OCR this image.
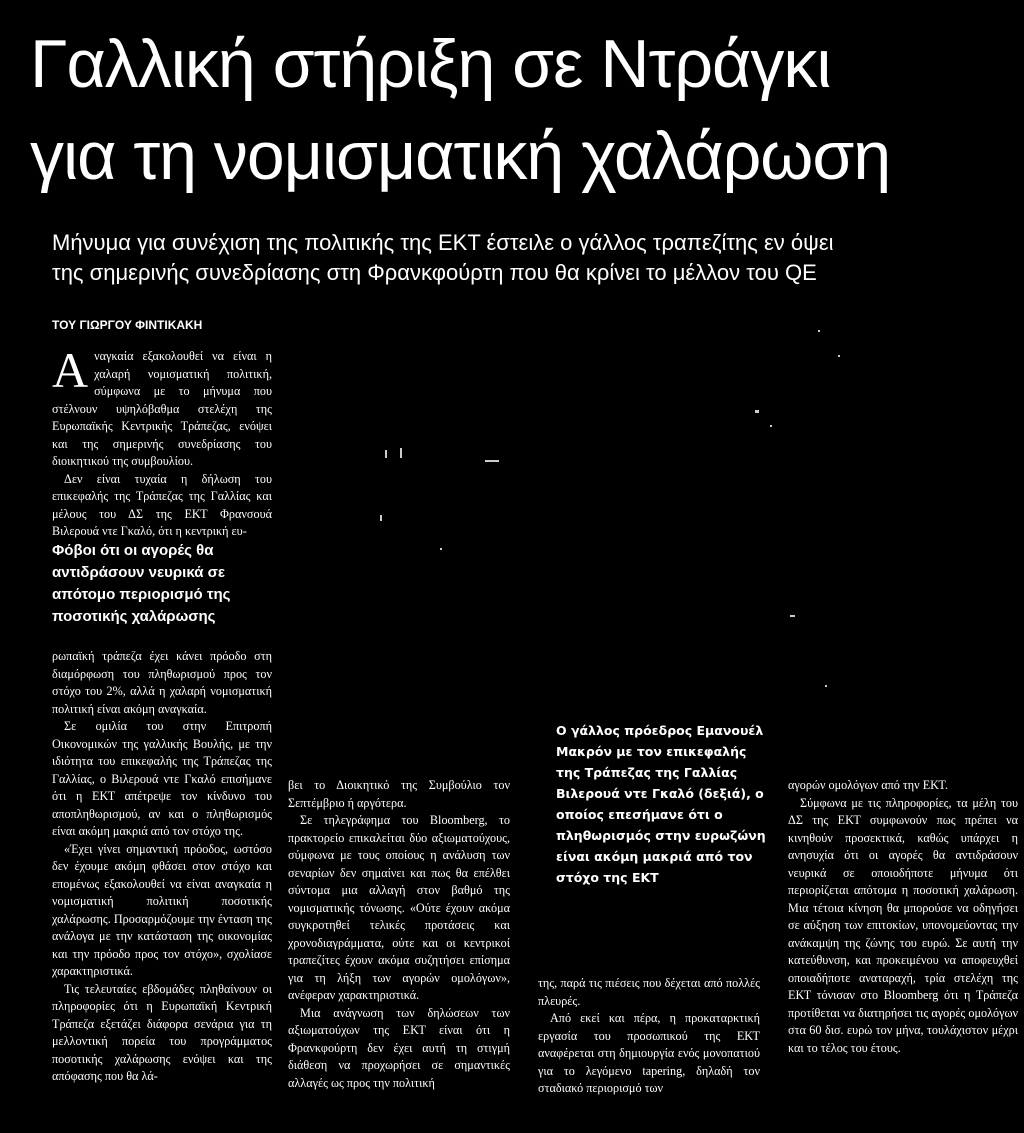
Γαλλική στήριξη σε Ντράγκι
για τη νομισματική χαλάρωση

Μήνυμα για συνέχιση της πολιτικής της ΕΚΤ έστειλε ο γάλλος τραπεζίτης εν όψει
της σημερινής συνεδρίασης στη Φρανκφούρτη που θα κρίνει το μέλλον του QE

ΤΟΥ ΓΙΩΡΓΟΥ ΦΙΝΤΙΚΑΚΗ

Αναγκαία εξακολουθεί να είναι η χαλαρή νομισματική πολιτική, σύμφωνα με το μήνυμα που στέλνουν υψηλόβαθμα στελέχη της Ευρωπαϊκής Κεντρικής Τράπεζας, ενόψει και της σημερινής συνεδρίασης του διοικητικού της συμβουλίου.

Δεν είναι τυχαία η δήλωση του επικεφαλής της Τράπεζας της Γαλλίας και μέλους του ΔΣ της ΕΚΤ Φρανσουά Βιλερουά ντε Γκαλό, ότι η κεντρική ευ-

Φόβοι ότι οι αγορές θα αντιδράσουν νευρικά σε απότομο περιορισμό της ποσοτικής χαλάρωσης

ρωπαϊκή τράπεζα έχει κάνει πρόοδο στη διαμόρφωση του πληθωρισμού προς τον στόχο του 2%, αλλά η χαλαρή νομισματική πολιτική είναι ακόμη αναγκαία.

Σε ομιλία του στην Επιτροπή Οικονομικών της γαλλικής Βουλής, με την ιδιότητα του επικεφαλής της Τράπεζας της Γαλλίας, ο Βιλερουά ντε Γκαλό επισήμανε ότι η ΕΚΤ απέτρεψε τον κίνδυνο του αποπληθωρισμού, αν και ο πληθωρισμός είναι ακόμη μακριά από τον στόχο της.

«Έχει γίνει σημαντική πρόοδος, ωστόσο δεν έχουμε ακόμη φθάσει στον στόχο και επομένως εξακολουθεί να είναι αναγκαία η νομισματική πολιτική ποσοτικής χαλάρωσης. Προσαρμόζουμε την ένταση της ανάλογα με την κατάσταση της οικονομίας και την πρόοδο προς τον στόχο», σχολίασε χαρακτηριστικά.

Τις τελευταίες εβδομάδες πληθαίνουν οι πληροφορίες ότι η Ευρωπαϊκή Κεντρική Τράπεζα εξετάζει διάφορα σενάρια για τη μελλοντική πορεία του προγράμματος ποσοτικής χαλάρωσης ενόψει και της απόφασης που θα λά-

βει το Διοικητικό της Συμβούλιο τον Σεπτέμβριο ή αργότερα.

Σε τηλεγράφημα του Bloomberg, το πρακτορείο επικαλείται δύο αξιωματούχους, σύμφωνα με τους οποίους η ανάλυση των σεναρίων δεν σημαίνει και πως θα επέλθει σύντομα μια αλλαγή στον βαθμό της νομισματικής τόνωσης. «Ούτε έχουν ακόμα συγκροτηθεί τελικές προτάσεις και χρονοδιαγράμματα, ούτε και οι κεντρικοί τραπεζίτες έχουν ακόμα συζητήσει επίσημα για τη λήξη των αγορών ομολόγων», ανέφεραν χαρακτηριστικά.

Μια ανάγνωση των δηλώσεων των αξιωματούχων της ΕΚΤ είναι ότι η Φρανκφούρτη δεν έχει αυτή τη στιγμή διάθεση να προχωρήσει σε σημαντικές αλλαγές ως προς την πολιτική

Ο γάλλος πρόεδρος Εμανουέλ Μακρόν με τον επικεφαλής της Τράπεζας της Γαλλίας Βιλερουά ντε Γκαλό (δεξιά), ο οποίος επεσήμανε ότι ο πληθωρισμός στην ευρωζώνη είναι ακόμη μακριά από τον στόχο της ΕΚΤ

της, παρά τις πιέσεις που δέχεται από πολλές πλευρές.

Από εκεί και πέρα, η προκαταρκτική εργασία του προσωπικού της ΕΚΤ αναφέρεται στη δημιουργία ενός μονοπατιού για το λεγόμενο tapering, δηλαδή τον σταδιακό περιορισμό των

αγορών ομολόγων από την ΕΚΤ.

Σύμφωνα με τις πληροφορίες, τα μέλη του ΔΣ της ΕΚΤ συμφωνούν πως πρέπει να κινηθούν προσεκτικά, καθώς υπάρχει η ανησυχία ότι οι αγορές θα αντιδράσουν νευρικά σε οποιοδήποτε μήνυμα ότι περιορίζεται απότομα η ποσοτική χαλάρωση. Μια τέτοια κίνηση θα μπορούσε να οδηγήσει σε αύξηση των επιτοκίων, υπονομεύοντας την ανάκαμψη της ζώνης του ευρώ. Σε αυτή την κατεύθυνση, και προκειμένου να αποφευχθεί οποιαδήποτε αναταραχή, τρία στελέχη της ΕΚΤ τόνισαν στο Bloomberg ότι η Τράπεζα προτίθεται να διατηρήσει τις αγορές ομολόγων στα 60 δισ. ευρώ τον μήνα, τουλάχιστον μέχρι και το τέλος του έτους.
